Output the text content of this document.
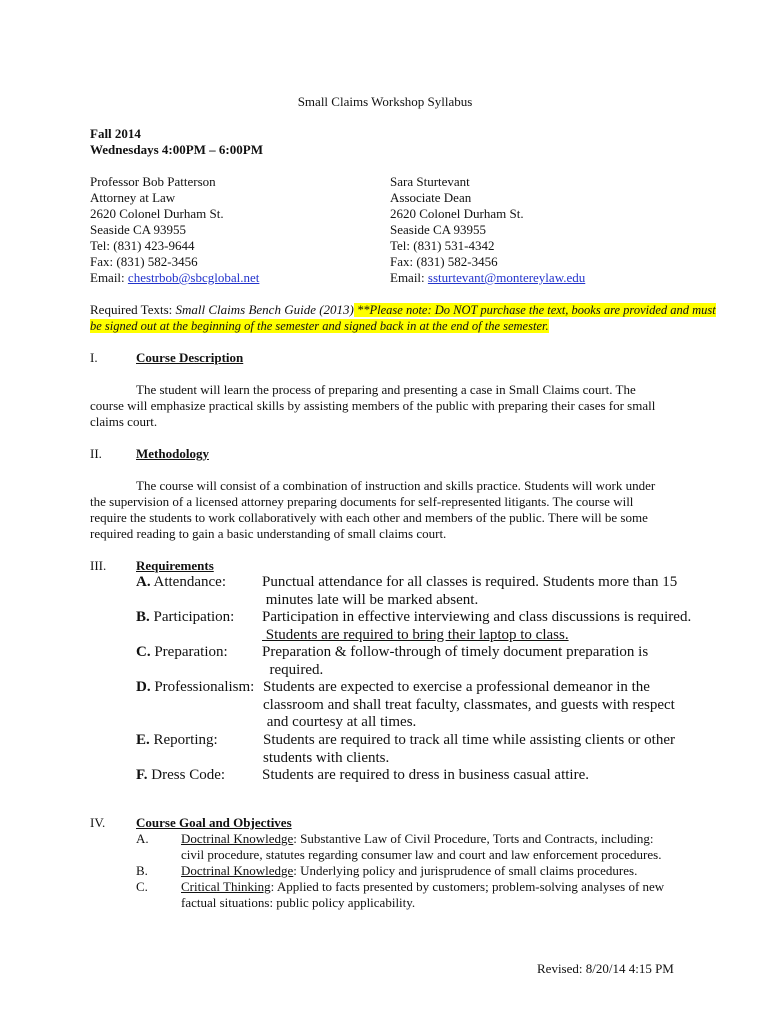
Small Claims Workshop Syllabus
Fall 2014
Wednesdays 4:00PM – 6:00PM
Professor Bob Patterson
Attorney at Law
2620 Colonel Durham St.
Seaside CA 93955
Tel: (831) 423-9644
Fax: (831) 582-3456
Email: chestrbob@sbcglobal.net
Sara Sturtevant
Associate Dean
2620 Colonel Durham St.
Seaside CA 93955
Tel: (831) 531-4342
Fax: (831) 582-3456
Email: ssturtevant@montereylaw.edu
Required Texts: Small Claims Bench Guide (2013) **Please note: Do NOT purchase the text, books are provided and must
be signed out at the beginning of the semester and signed back in at the end of the semester.
I.	Course Description
The student will learn the process of preparing and presenting a case in Small Claims court. The
course will emphasize practical skills by assisting members of the public with preparing their cases for small
claims court.
II.	Methodology
The course will consist of a combination of instruction and skills practice. Students will work under
the supervision of a licensed attorney preparing documents for self-represented litigants. The course will
require the students to work collaboratively with each other and members of the public. There will be some
required reading to gain a basic understanding of small claims court.
III. Requirements
A. Attendance: Punctual attendance for all classes is required. Students more than 15
minutes late will be marked absent.
B. Participation: Participation in effective interviewing and class discussions is required.
Students are required to bring their laptop to class.
C. Preparation: Preparation & follow-through of timely document preparation is
required.
D. Professionalism: Students are expected to exercise a professional demeanor in the
classroom and shall treat faculty, classmates, and guests with respect
and courtesy at all times.
E. Reporting:	Students are required to track all time while assisting clients or other
students with clients.
F. Dress Code: Students are required to dress in business casual attire.
IV. Course Goal and Objectives
A. Doctrinal Knowledge: Substantive Law of Civil Procedure, Torts and Contracts, including:
civil procedure, statutes regarding consumer law and court and law enforcement procedures.
B.	Doctrinal Knowledge: Underlying policy and jurisprudence of small claims procedures.
C.	Critical Thinking: Applied to facts presented by customers; problem-solving analyses of new
factual situations: public policy applicability.
Revised: 8/20/14 4:15 PM
